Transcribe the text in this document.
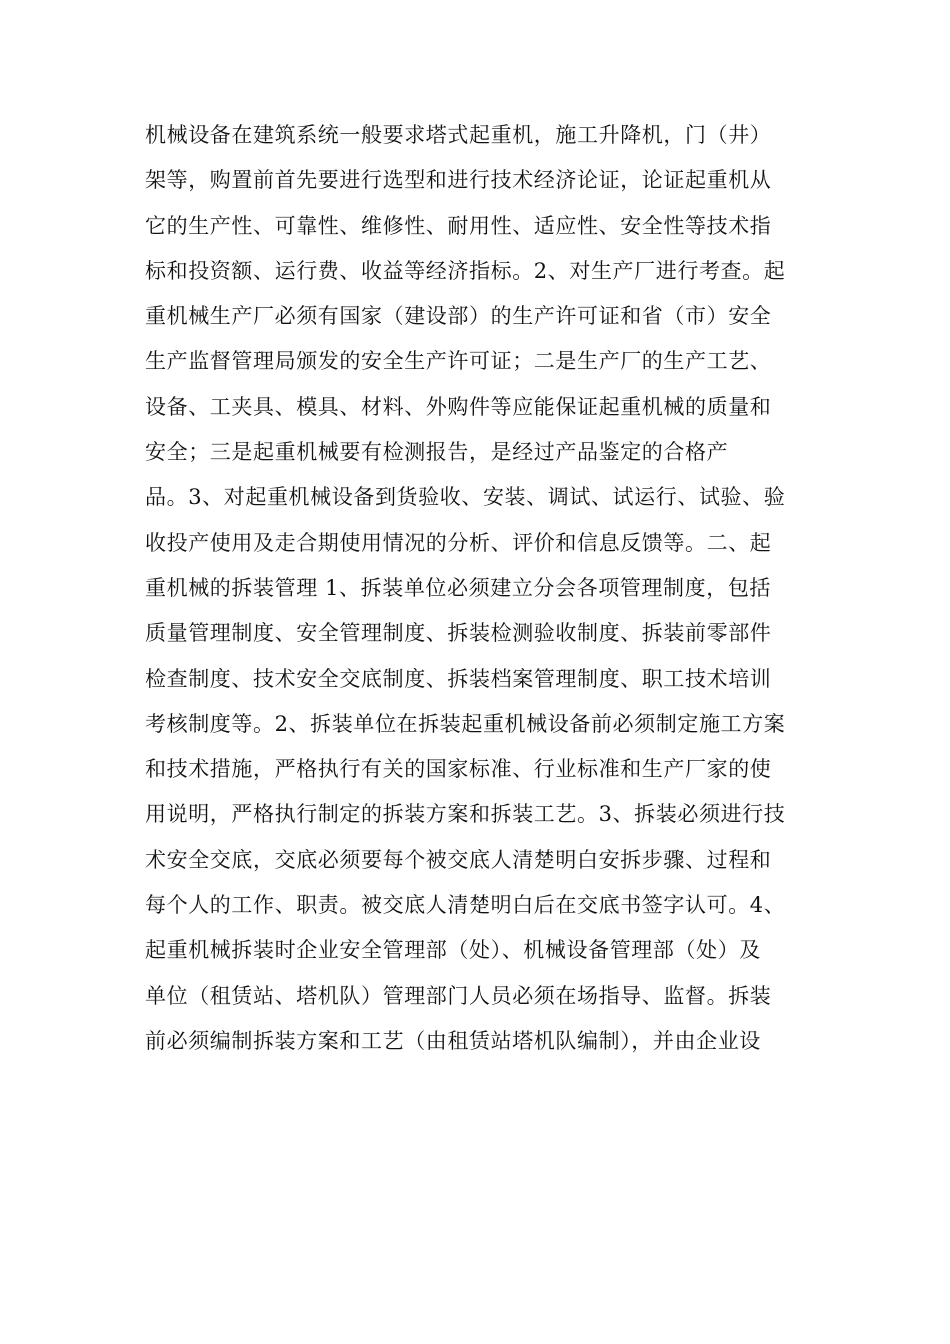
机械设备在建筑系统一般要求塔式起重机，施工升降机，门（井）
架等，购置前首先要进行选型和进行技术经济论证，论证起重机从
它的生产性、可靠性、维修性、耐用性、适应性、安全性等技术指
标和投资额、运行费、收益等经济指标。2、对生产厂进行考查。起
重机械生产厂必须有国家（建设部）的生产许可证和省（市）安全
生产监督管理局颁发的安全生产许可证；二是生产厂的生产工艺、
设备、工夹具、模具、材料、外购件等应能保证起重机械的质量和
安全；三是起重机械要有检测报告，是经过产品鉴定的合格产
品。3、对起重机械设备到货验收、安装、调试、试运行、试验、验
收投产使用及走合期使用情况的分析、评价和信息反馈等。二、起
重机械的拆装管理 1、拆装单位必须建立分会各项管理制度，包括
质量管理制度、安全管理制度、拆装检测验收制度、拆装前零部件
检查制度、技术安全交底制度、拆装档案管理制度、职工技术培训
考核制度等。2、拆装单位在拆装起重机械设备前必须制定施工方案
和技术措施，严格执行有关的国家标准、行业标准和生产厂家的使
用说明，严格执行制定的拆装方案和拆装工艺。3、拆装必须进行技
术安全交底，交底必须要每个被交底人清楚明白安拆步骤、过程和
每个人的工作、职责。被交底人清楚明白后在交底书签字认可。4、
起重机械拆装时企业安全管理部（处）、机械设备管理部（处）及
单位（租赁站、塔机队）管理部门人员必须在场指导、监督。拆装
前必须编制拆装方案和工艺（由租赁站塔机队编制），并由企业设
